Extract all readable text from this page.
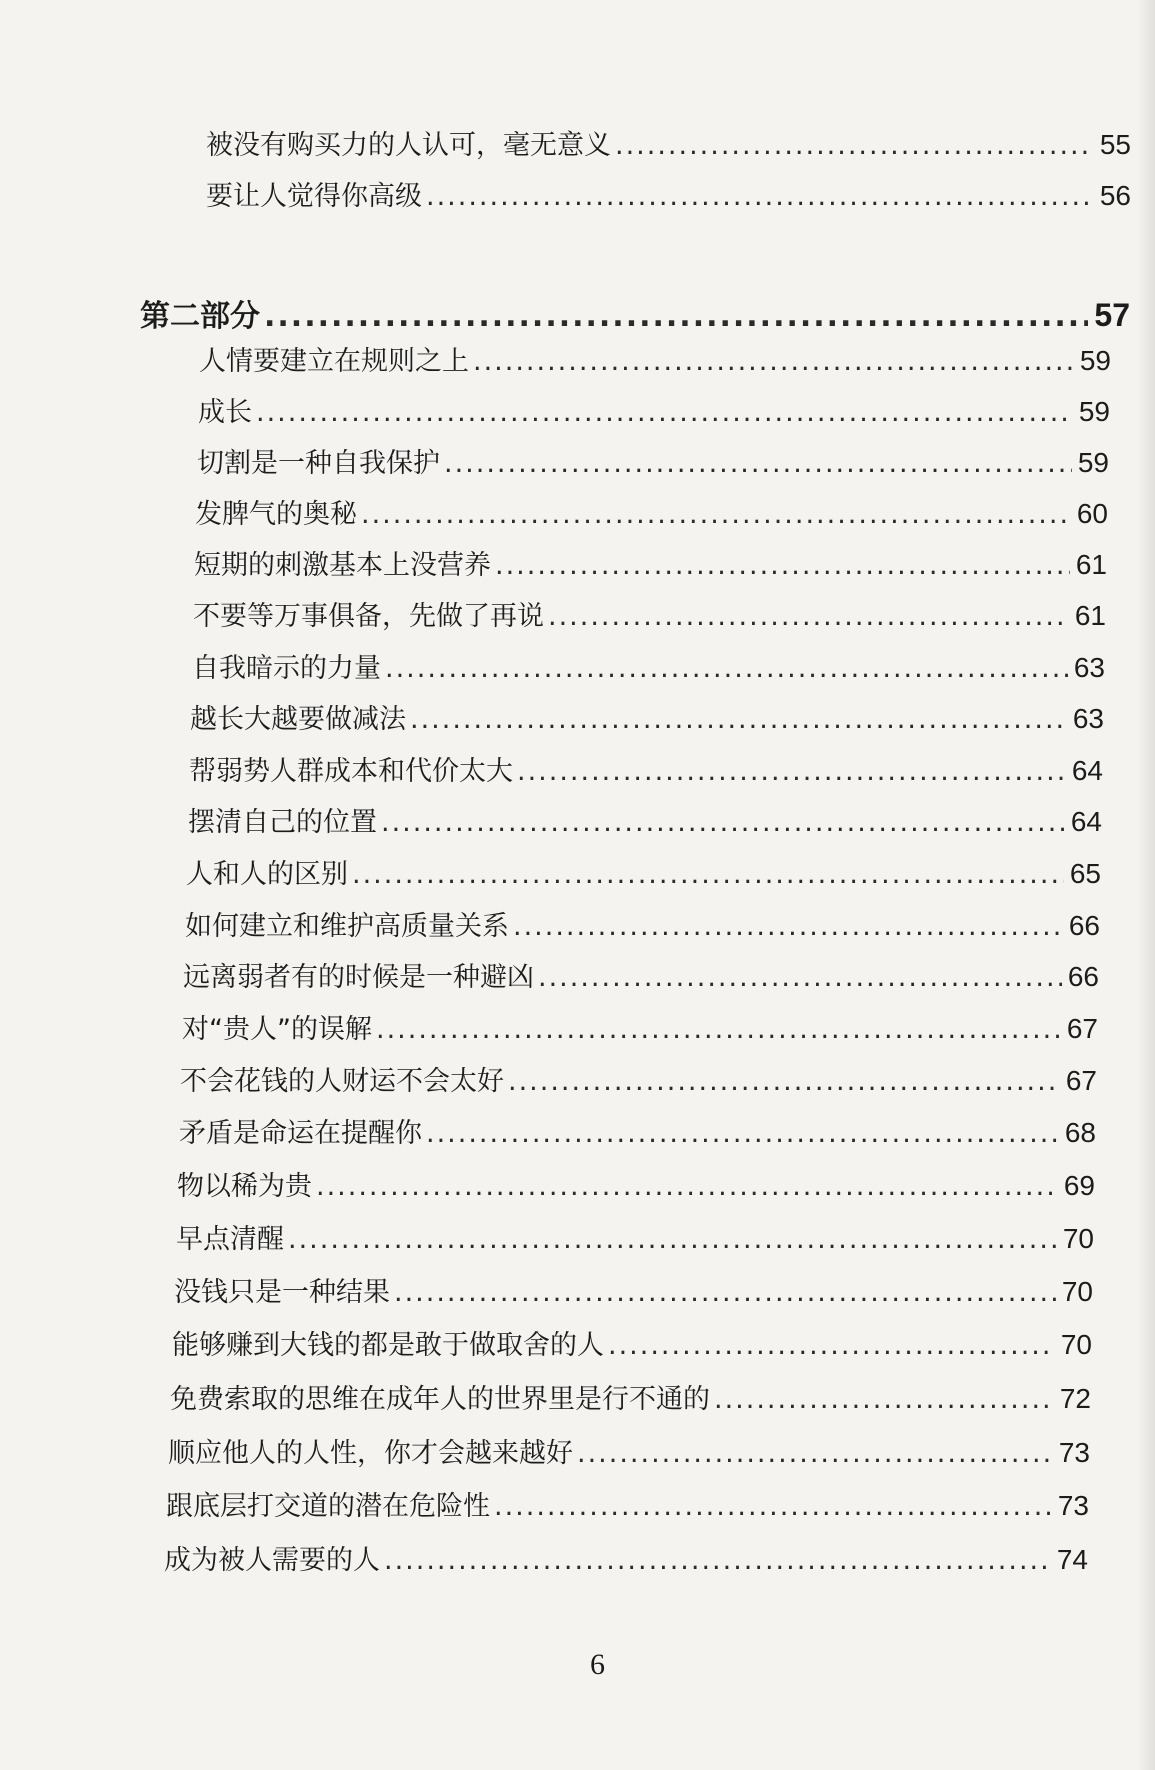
被没有购买力的人认可，毫无意义 .....	55
要让人觉得你高级 .....	56
第二部分 .....	57
人情要建立在规则之上 .....	59
成长 .....	59
切割是一种自我保护 .....	59
发脾气的奥秘 .....	60
短期的刺激基本上没营养 .....	61
不要等万事俱备，先做了再说 .....	61
自我暗示的力量 .....	63
越长大越要做减法 .....	63
帮弱势人群成本和代价太大 .....	64
摆清自己的位置 .....	64
人和人的区别 .....	65
如何建立和维护高质量关系 .....	66
远离弱者有的时候是一种避凶 .....	66
对“贵人”的误解 .....	67
不会花钱的人财运不会太好 .....	67
矛盾是命运在提醒你 .....	68
物以稀为贵 .....	69
早点清醒 .....	70
没钱只是一种结果 .....	70
能够赚到大钱的都是敢于做取舍的人 .....	70
免费索取的思维在成年人的世界里是行不通的 .....	72
顺应他人的人性，你才会越来越好 .....	73
跟底层打交道的潜在危险性 .....	73
成为被人需要的人 .....	74
6
